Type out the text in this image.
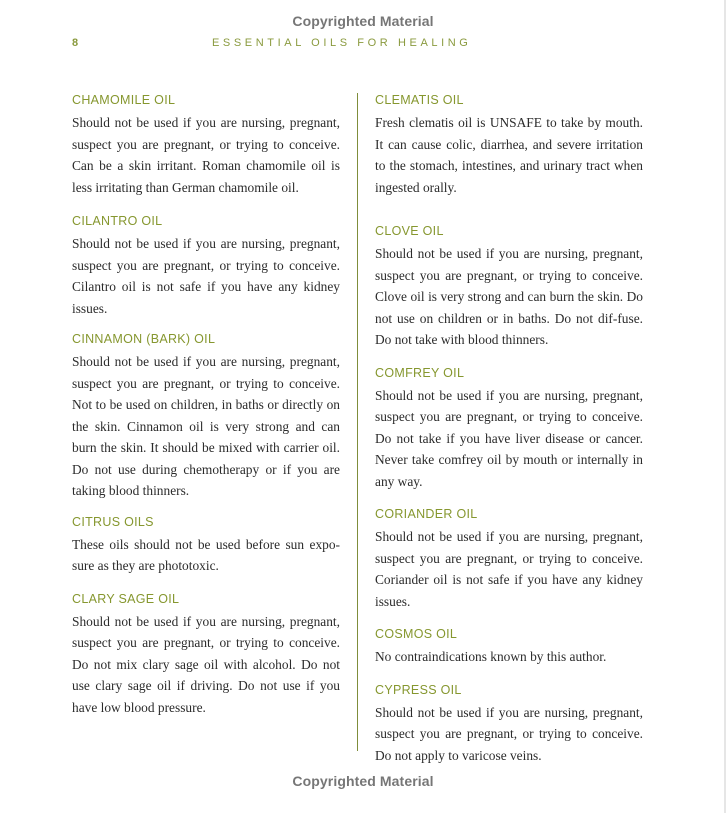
Copyrighted Material
8	ESSENTIAL OILS FOR HEALING
CHAMOMILE OIL

Should not be used if you are nursing, pregnant, suspect you are pregnant, or trying to conceive. Can be a skin irritant. Roman chamomile oil is less irritating than German chamomile oil.

CILANTRO OIL

Should not be used if you are nursing, pregnant, suspect you are pregnant, or trying to conceive. Cilantro oil is not safe if you have any kidney issues.

CINNAMON (BARK) OIL

Should not be used if you are nursing, pregnant, suspect you are pregnant, or trying to conceive. Not to be used on children, in baths or directly on the skin. Cinnamon oil is very strong and can burn the skin. It should be mixed with carrier oil. Do not use during chemotherapy or if you are taking blood thinners.

CITRUS OILS

These oils should not be used before sun expo-sure as they are phototoxic.

CLARY SAGE OIL

Should not be used if you are nursing, pregnant, suspect you are pregnant, or trying to conceive. Do not mix clary sage oil with alcohol. Do not use clary sage oil if driving. Do not use if you have low blood pressure.

CLEMATIS OIL

Fresh clematis oil is UNSAFE to take by mouth. It can cause colic, diarrhea, and severe irritation to the stomach, intestines, and urinary tract when ingested orally.

CLOVE OIL

Should not be used if you are nursing, pregnant, suspect you are pregnant, or trying to conceive. Clove oil is very strong and can burn the skin. Do not use on children or in baths. Do not dif-fuse. Do not take with blood thinners.

COMFREY OIL

Should not be used if you are nursing, pregnant, suspect you are pregnant, or trying to conceive. Do not take if you have liver disease or cancer. Never take comfrey oil by mouth or internally in any way.

CORIANDER OIL

Should not be used if you are nursing, pregnant, suspect you are pregnant, or trying to conceive. Coriander oil is not safe if you have any kidney issues.

COSMOS OIL

No contraindications known by this author.

CYPRESS OIL

Should not be used if you are nursing, pregnant, suspect you are pregnant, or trying to conceive. Do not apply to varicose veins.

Copyrighted Material
